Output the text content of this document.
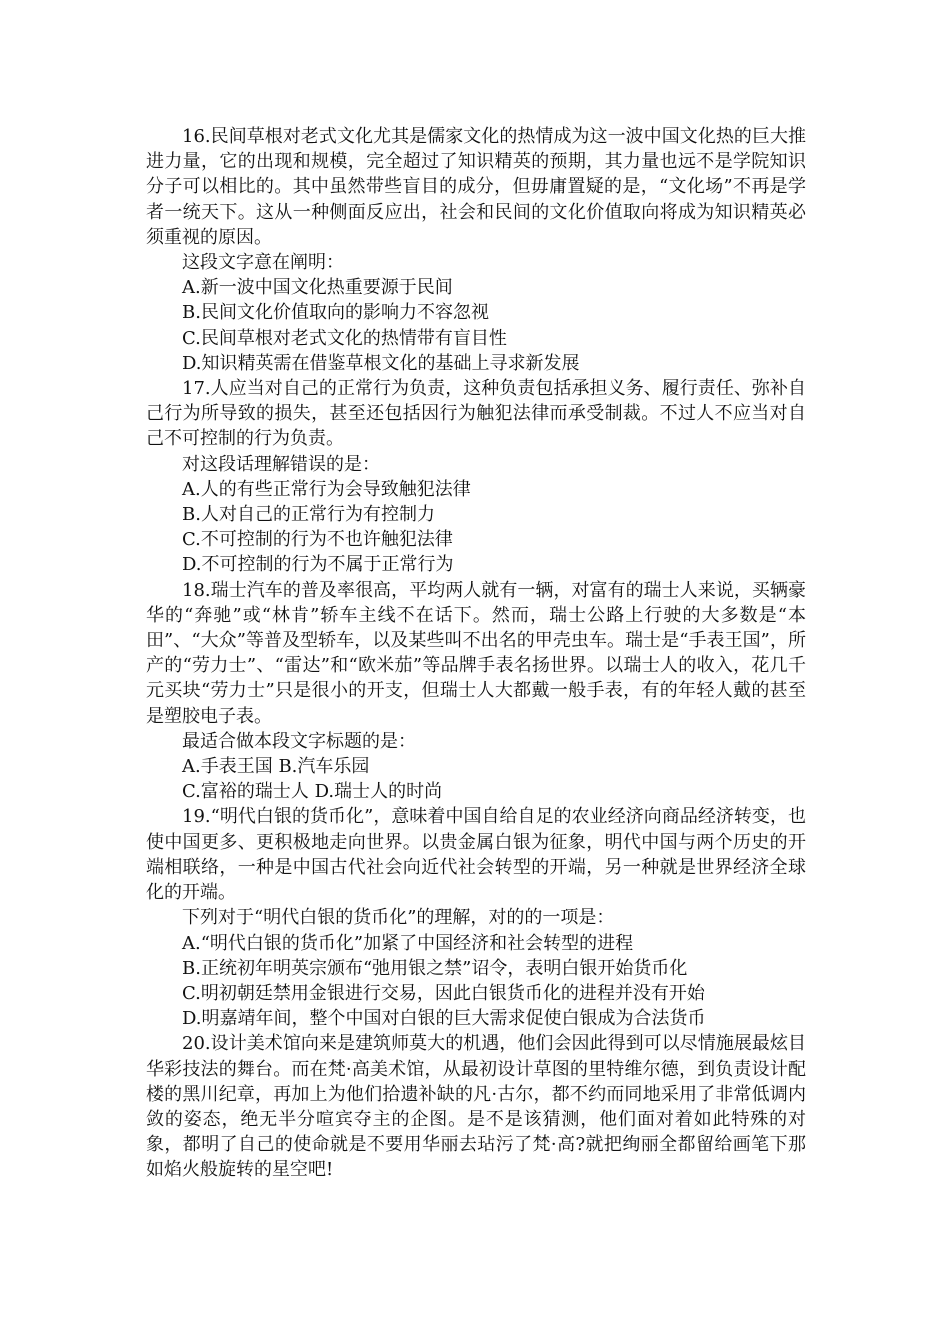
16.民间草根对老式文化尤其是儒家文化的热情成为这一波中国文化热的巨大推进力量，它的出现和规模，完全超过了知识精英的预期，其力量也远不是学院知识分子可以相比的。其中虽然带些盲目的成分，但毋庸置疑的是，“文化场”不再是学者一统天下。这从一种侧面反应出，社会和民间的文化价值取向将成为知识精英必须重视的原因。

这段文字意在阐明：

A.新一波中国文化热重要源于民间

B.民间文化价值取向的影响力不容忽视

C.民间草根对老式文化的热情带有盲目性

D.知识精英需在借鉴草根文化的基础上寻求新发展

17.人应当对自己的正常行为负责，这种负责包括承担义务、履行责任、弥补自己行为所导致的损失，甚至还包括因行为触犯法律而承受制裁。不过人不应当对自己不可控制的行为负责。

对这段话理解错误的是：

A.人的有些正常行为会导致触犯法律

B.人对自己的正常行为有控制力

C.不可控制的行为不也许触犯法律

D.不可控制的行为不属于正常行为

18.瑞士汽车的普及率很高，平均两人就有一辆，对富有的瑞士人来说，买辆豪华的“奔驰”或“林肯”轿车主线不在话下。然而，瑞士公路上行驶的大多数是“本田”、“大众”等普及型轿车，以及某些叫不出名的甲壳虫车。瑞士是“手表王国”，所产的“劳力士”、“雷达”和“欧米茄”等品牌手表名扬世界。以瑞士人的收入，花几千元买块“劳力士”只是很小的开支，但瑞士人大都戴一般手表，有的年轻人戴的甚至是塑胶电子表。

最适合做本段文字标题的是：

A.手表王国 B.汽车乐园

C.富裕的瑞士人 D.瑞士人的时尚

19.“明代白银的货币化”，意味着中国自给自足的农业经济向商品经济转变，也使中国更多、更积极地走向世界。以贵金属白银为征象，明代中国与两个历史的开端相联络，一种是中国古代社会向近代社会转型的开端，另一种就是世界经济全球化的开端。

下列对于“明代白银的货币化”的理解，对的的一项是：

A.“明代白银的货币化”加紧了中国经济和社会转型的进程

B.正统初年明英宗颁布“弛用银之禁”诏令，表明白银开始货币化

C.明初朝廷禁用金银进行交易，因此白银货币化的进程并没有开始

D.明嘉靖年间，整个中国对白银的巨大需求促使白银成为合法货币

20.设计美术馆向来是建筑师莫大的机遇，他们会因此得到可以尽情施展最炫目华彩技法的舞台。而在梵·高美术馆，从最初设计草图的里特维尔德，到负责设计配楼的黑川纪章，再加上为他们拾遗补缺的凡·古尔，都不约而同地采用了非常低调内敛的姿态，绝无半分喧宾夺主的企图。是不是该猜测，他们面对着如此特殊的对象，都明了自己的使命就是不要用华丽去玷污了梵·高?就把绚丽全都留给画笔下那如焰火般旋转的星空吧!
